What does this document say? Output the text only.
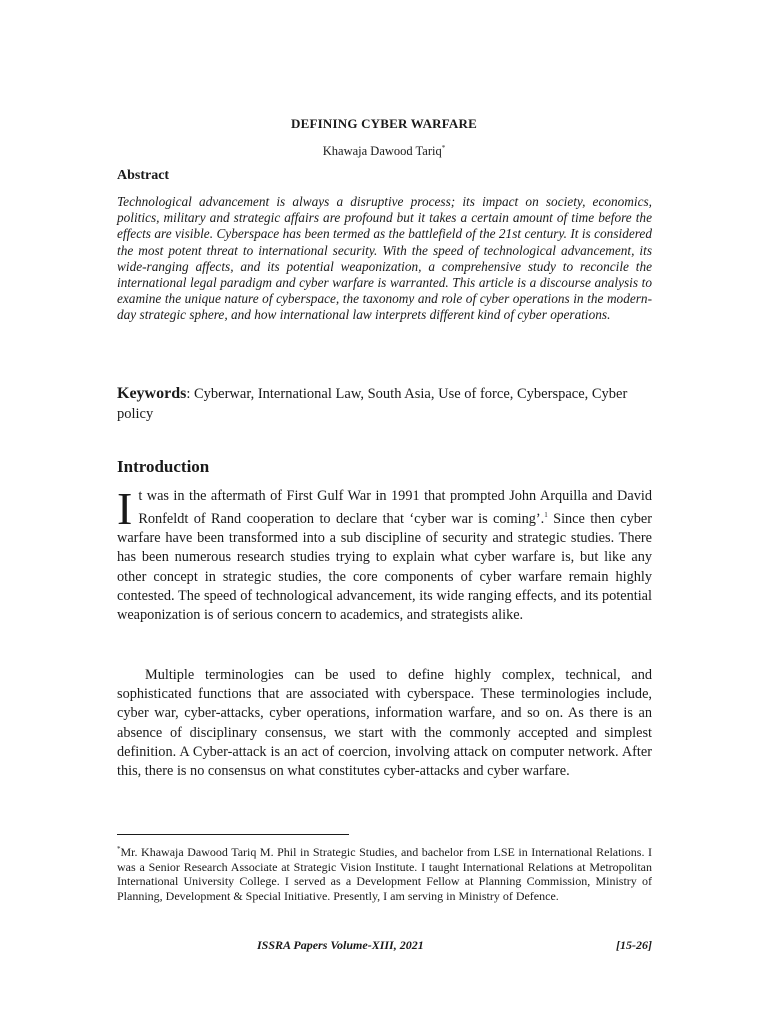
DEFINING CYBER WARFARE
Khawaja Dawood Tariq*
Abstract

Technological advancement is always a disruptive process; its impact on society, economics, politics, military and strategic affairs are profound but it takes a certain amount of time before the effects are visible. Cyberspace has been termed as the battlefield of the 21st century. It is considered the most potent threat to international security. With the speed of technological advancement, its wide-ranging affects, and its potential weaponization, a comprehensive study to reconcile the international legal paradigm and cyber warfare is warranted. This article is a discourse analysis to examine the unique nature of cyberspace, the taxonomy and role of cyber operations in the modern-day strategic sphere, and how international law interprets different kind of cyber operations.

Keywords: Cyberwar, International Law, South Asia, Use of force, Cyberspace, Cyber policy

Introduction

It was in the aftermath of First Gulf War in 1991 that prompted John Arquilla and David Ronfeldt of Rand cooperation to declare that ‘cyber war is coming’.$^1$ Since then cyber warfare have been transformed into a sub discipline of security and strategic studies. There has been numerous research studies trying to explain what cyber warfare is, but like any other concept in strategic studies, the core components of cyber warfare remain highly contested. The speed of technological advancement, its wide ranging effects, and its potential weaponization is of serious concern to academics, and strategists alike.

Multiple terminologies can be used to define highly complex, technical, and sophisticated functions that are associated with cyberspace. These terminologies include, cyber war, cyber-attacks, cyber operations, information warfare, and so on. As there is an absence of disciplinary consensus, we start with the commonly accepted and simplest definition. A Cyber-attack is an act of coercion, involving attack on computer network. After this, there is no consensus on what constitutes cyber-attacks and cyber warfare.

*Mr. Khawaja Dawood Tariq M. Phil in Strategic Studies, and bachelor from LSE in International Relations. I was a Senior Research Associate at Strategic Vision Institute. I taught International Relations at Metropolitan International University College. I served as a Development Fellow at Planning Commission, Ministry of Planning, Development & Special Initiative. Presently, I am serving in Ministry of Defence.

ISSRA Papers Volume-XIII, 2021	[15-26]
